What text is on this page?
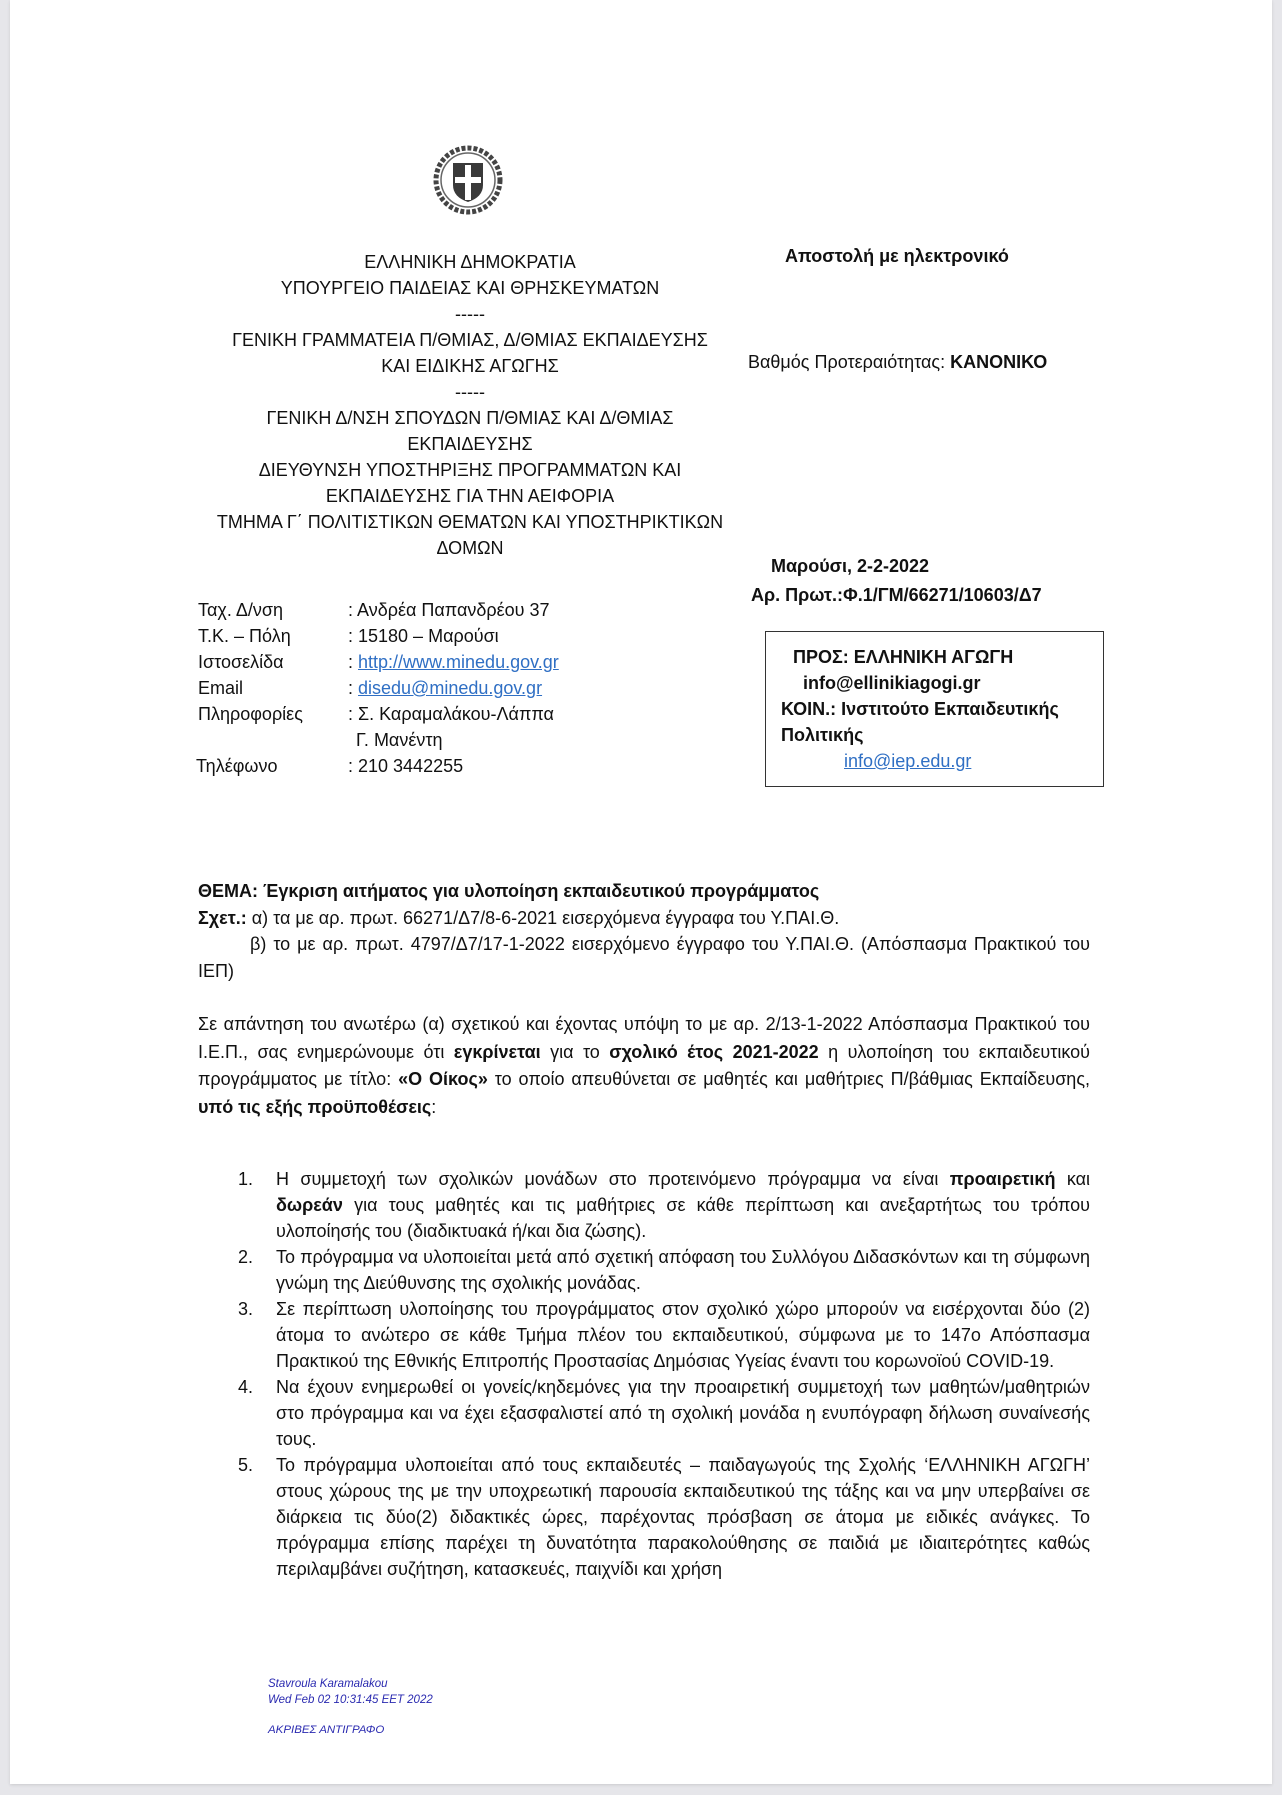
ΕΛΛΗΝΙΚΗ ΔΗΜΟΚΡΑΤΙΑ
ΥΠΟΥΡΓΕΙΟ ΠΑΙΔΕΙΑΣ ΚΑΙ ΘΡΗΣΚΕΥΜΑΤΩΝ
-----
ΓΕΝΙΚΗ ΓΡΑΜΜΑΤΕΙΑ Π/ΘΜΙΑΣ, Δ/ΘΜΙΑΣ ΕΚΠΑΙΔΕΥΣΗΣ
ΚΑΙ ΕΙΔΙΚΗΣ ΑΓΩΓΗΣ
-----
ΓΕΝΙΚΗ Δ/ΝΣΗ ΣΠΟΥΔΩΝ Π/ΘΜΙΑΣ ΚΑΙ Δ/ΘΜΙΑΣ
ΕΚΠΑΙΔΕΥΣΗΣ
ΔΙΕΥΘΥΝΣΗ ΥΠΟΣΤΗΡΙΞΗΣ ΠΡΟΓΡΑΜΜΑΤΩΝ ΚΑΙ
ΕΚΠΑΙΔΕΥΣΗΣ ΓΙΑ ΤΗΝ ΑΕΙΦΟΡΙΑ
ΤΜΗΜΑ Γ΄ ΠΟΛΙΤΙΣΤΙΚΩΝ ΘΕΜΑΤΩΝ ΚΑΙ ΥΠΟΣΤΗΡΙΚΤΙΚΩΝ
ΔΟΜΩΝ
Αποστολή με ηλεκτρονικό
Βαθμός Προτεραιότητας: ΚΑΝΟΝΙΚΟ
Μαρούσι, 2-2-2022
Αρ. Πρωτ.:Φ.1/ΓΜ/66271/10603/Δ7
Ταχ. Δ/νση	: Ανδρέα Παπανδρέου 37
Τ.Κ. – Πόλη	: 15180 – Μαρούσι
Ιστοσελίδα	: http://www.minedu.gov.gr
Email	: disedu@minedu.gov.gr
Πληροφορίες	: Σ. Καραμαλάκου-Λάππα
Γ. Μανέντη
Τηλέφωνο	: 210 3442255
ΠΡΟΣ: ΕΛΛΗΝΙΚΗ ΑΓΩΓΗ
info@ellinikiagogi.gr
ΚΟΙΝ.: Ινστιτούτο Εκπαιδευτικής
Πολιτικής
info@iep.edu.gr
ΘΕΜΑ: Έγκριση αιτήματος για υλοποίηση εκπαιδευτικού προγράμματος
Σχετ.: α) τα με αρ. πρωτ. 66271/Δ7/8-6-2021 εισερχόμενα έγγραφα του Υ.ΠΑΙ.Θ.
β) το με αρ. πρωτ. 4797/Δ7/17-1-2022 εισερχόμενο έγγραφο του Υ.ΠΑΙ.Θ. (Απόσπασμα Πρακτικού του ΙΕΠ)
Σε απάντηση του ανωτέρω (α) σχετικού και έχοντας υπόψη το με αρ. 2/13-1-2022 Απόσπασμα Πρακτικού του Ι.Ε.Π., σας ενημερώνουμε ότι εγκρίνεται για το σχολικό έτος 2021-2022 η υλοποίηση του εκπαιδευτικού προγράμματος με τίτλο: «Ο Οίκος» το οποίο απευθύνεται σε μαθητές και μαθήτριες Π/βάθμιας Εκπαίδευσης, υπό τις εξής προϋποθέσεις:
1. Η συμμετοχή των σχολικών μονάδων στο προτεινόμενο πρόγραμμα να είναι προαιρετική και δωρεάν για τους μαθητές και τις μαθήτριες σε κάθε περίπτωση και ανεξαρτήτως του τρόπου υλοποίησής του (διαδικτυακά ή/και δια ζώσης).
2. Το πρόγραμμα να υλοποιείται μετά από σχετική απόφαση του Συλλόγου Διδασκόντων και τη σύμφωνη γνώμη της Διεύθυνσης της σχολικής μονάδας.
3. Σε περίπτωση υλοποίησης του προγράμματος στον σχολικό χώρο μπορούν να εισέρχονται δύο (2) άτομα το ανώτερο σε κάθε Τμήμα πλέον του εκπαιδευτικού, σύμφωνα με το 147ο Απόσπασμα Πρακτικού της Εθνικής Επιτροπής Προστασίας Δημόσιας Υγείας έναντι του κορωνοϊού COVID-19.
4. Να έχουν ενημερωθεί οι γονείς/κηδεμόνες για την προαιρετική συμμετοχή των μαθητών/μαθητριών στο πρόγραμμα και να έχει εξασφαλιστεί από τη σχολική μονάδα η ενυπόγραφη δήλωση συναίνεσής τους.
5. Το πρόγραμμα υλοποιείται από τους εκπαιδευτές – παιδαγωγούς της Σχολής ‘ΕΛΛΗΝΙΚΗ ΑΓΩΓΗ’ στους χώρους της με την υποχρεωτική παρουσία εκπαιδευτικού της τάξης και να μην υπερβαίνει σε διάρκεια τις δύο(2) διδακτικές ώρες, παρέχοντας πρόσβαση σε άτομα με ειδικές ανάγκες. Το πρόγραμμα επίσης παρέχει τη δυνατότητα παρακολούθησης σε παιδιά με ιδιαιτερότητες καθώς περιλαμβάνει συζήτηση, κατασκευές, παιχνίδι και χρήση
Stavroula Karamalakou
Wed Feb 02 10:31:45 EET 2022
ΑΚΡΙΒΕΣ ΑΝΤΙΓΡΑΦΟ
